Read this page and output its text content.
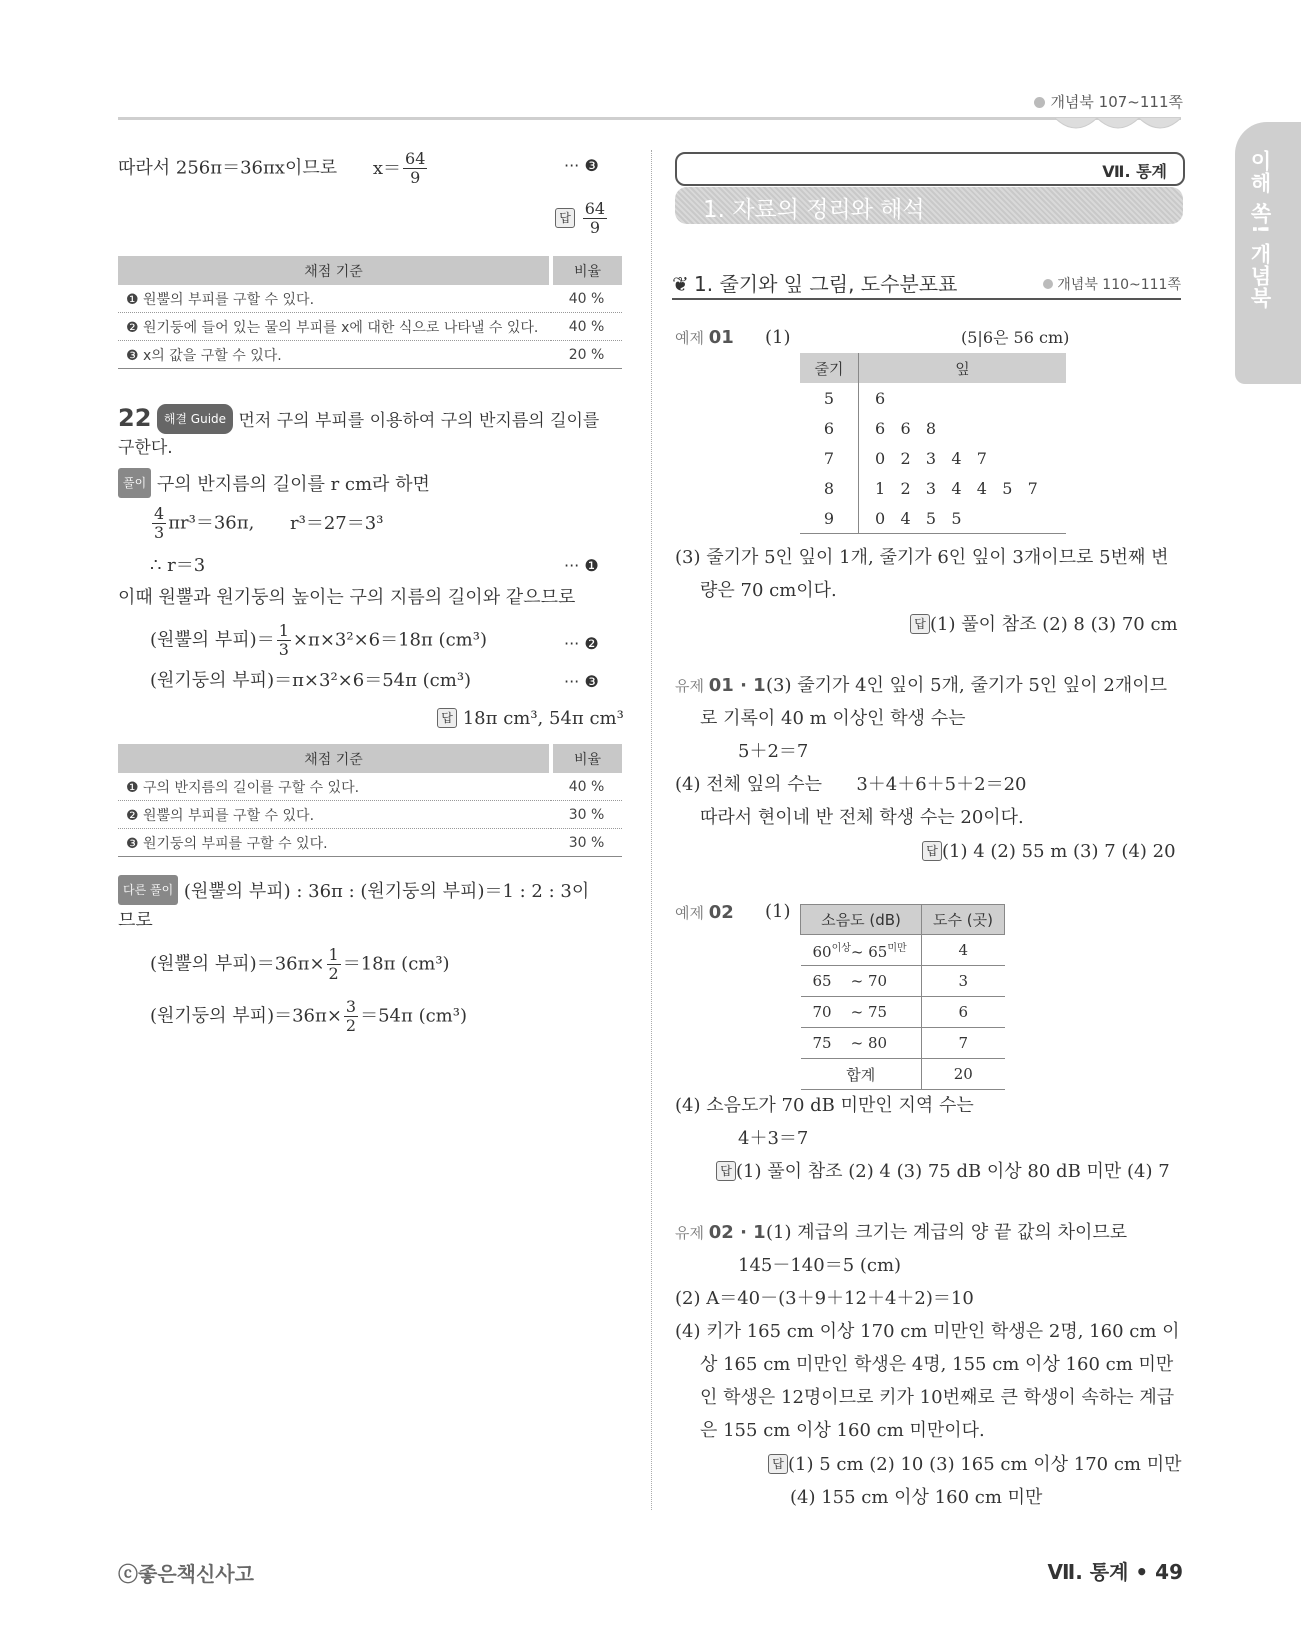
개념북 107~111쪽
이해 쏙! 개념북
따라서 256π＝36πx이므로 $x= \frac{64}{9}$	··· ❸
답 $\frac{64}{9}$
채점 기준	비율
❶ 원뿔의 부피를 구할 수 있다.	40 %
❷ 원기둥에 들어 있는 물의 부피를 x에 대한 식으로 나타낼 수 있다.	40 %
❸ x의 값을 구할 수 있다.	20 %
22 해결 Guide 먼저 구의 부피를 이용하여 구의 반지름의 길이를
구한다.
풀이 구의 반지름의 길이를 r cm라 하면
$\frac{4}{3} \pi r^3=36\pi$, r³＝27＝3³
∴ r＝3	··· ❶
이때 원뿔과 원기둥의 높이는 구의 지름의 길이와 같으므로
(원뿔의 부피)＝ $\frac{1}{3} \times\pi\times 3^2\times 6=18\pi$ (cm³)	··· ❷
(원기둥의 부피)＝π×3²×6＝54π (cm³)	··· ❸
답 18π cm³, 54π cm³
채점 기준	비율
❶ 구의 반지름의 길이를 구할 수 있다.	40 %
❷ 원뿔의 부피를 구할 수 있다.	30 %
❸ 원기둥의 부피를 구할 수 있다.	30 %
다른 풀이 (원뿔의 부피) : 36π : (원기둥의 부피)＝1 : 2 : 3이
므로
(원뿔의 부피)$=36\pi\times \frac{1}{2} =18\pi$ (cm³)
(원기둥의 부피)$=36\pi\times \frac{3}{2} =54\pi$ (cm³)
Ⅶ. 통계
1. 자료의 정리와 해석
❦ 1. 줄기와 잎 그림, 도수분포표	개념북 110~111쪽
예제 01 (1)	(5|6은 56 cm)
줄기	잎
5	6
6	6   6   8
7	0   2   3   4   7
8	1   2   3   4   4   5   7
9	0   4   5   5
(3) 줄기가 5인 잎이 1개, 줄기가 6인 잎이 3개이므로 5번째 변
량은 70 cm이다.
답 (1) 풀이 참조 (2) 8 (3) 70 cm
유제 01 · 1 (3) 줄기가 4인 잎이 5개, 줄기가 5인 잎이 2개이므
로 기록이 40 m 이상인 학생 수는
5＋2＝7
(4) 전체 잎의 수는      3＋4＋6＋5＋2＝20
따라서 현이네 반 전체 학생 수는 20이다.
답 (1) 4 (2) 55 m (3) 7 (4) 20
예제 02 (1) 소음도 (dB)	도수 (곳)
$60^{이상}\sim$ $65^{미만}$	4
65    ~ 70	3
70    ~ 75	6
75    ~ 80	7
합계	20
(4) 소음도가 70 dB 미만인 지역 수는
4＋3＝7
답 (1) 풀이 참조 (2) 4 (3) 75 dB 이상 80 dB 미만 (4) 7
유제 02 · 1 (1) 계급의 크기는 계급의 양 끝 값의 차이므로
145－140＝5 (cm)
(2) A＝40－(3＋9＋12＋4＋2)＝10
(4) 키가 165 cm 이상 170 cm 미만인 학생은 2명, 160 cm 이
상 165 cm 미만인 학생은 4명, 155 cm 이상 160 cm 미만
인 학생은 12명이므로 키가 10번째로 큰 학생이 속하는 계급
은 155 cm 이상 160 cm 미만이다.
답 (1) 5 cm (2) 10 (3) 165 cm 이상 170 cm 미만
(4) 155 cm 이상 160 cm 미만
ⓒ좋은책신사고	Ⅶ. 통계 • 49
